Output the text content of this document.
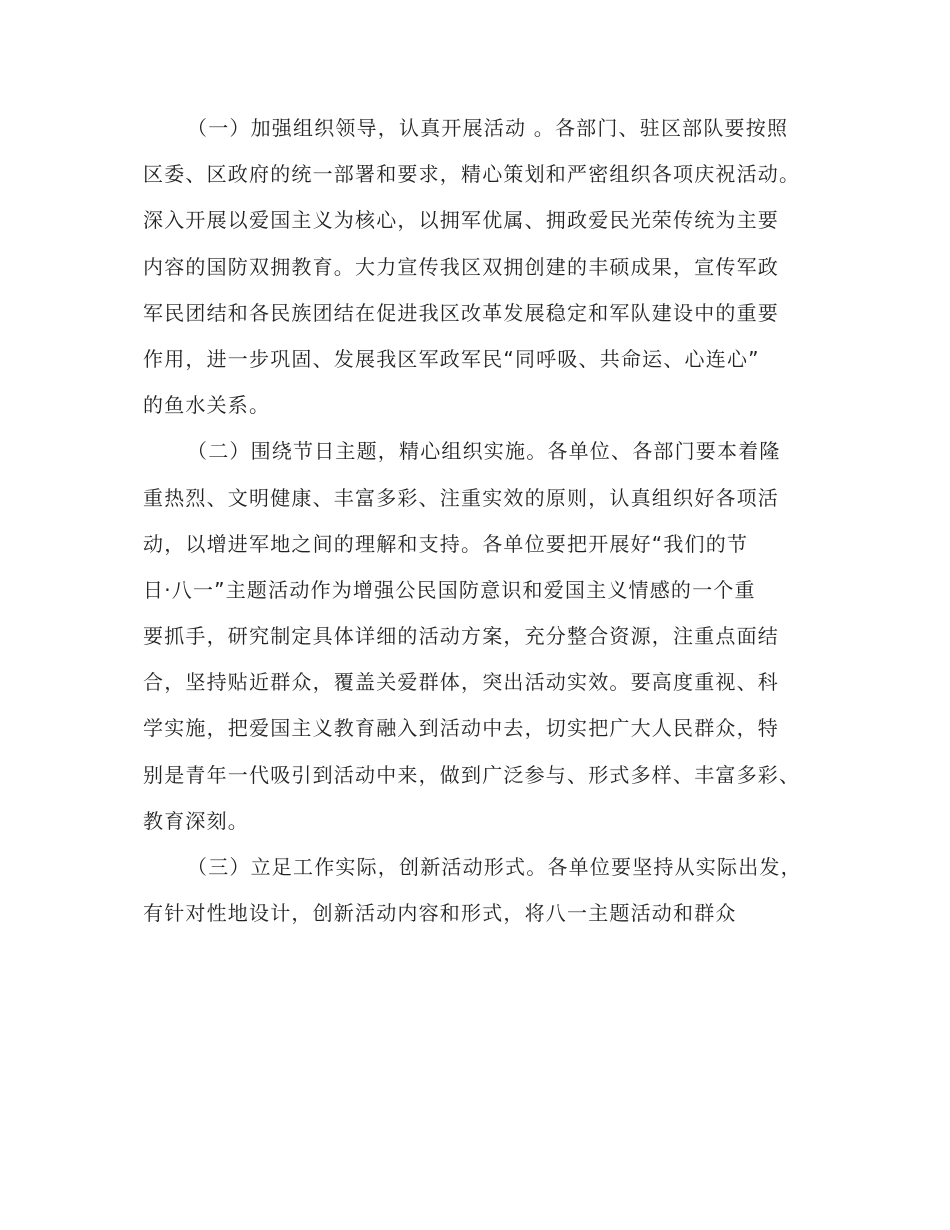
（一）加强组织领导，认真开展活动 。各部门、驻区部队要按照
区委、区政府的统一部署和要求，精心策划和严密组织各项庆祝活动。
深入开展以爱国主义为核心，以拥军优属、拥政爱民光荣传统为主要
内容的国防双拥教育。大力宣传我区双拥创建的丰硕成果，宣传军政
军民团结和各民族团结在促进我区改革发展稳定和军队建设中的重要
作用，进一步巩固、发展我区军政军民“同呼吸、共命运、心连心”
的鱼水关系。
（二）围绕节日主题，精心组织实施。各单位、各部门要本着隆
重热烈、文明健康、丰富多彩、注重实效的原则，认真组织好各项活
动，以增进军地之间的理解和支持。各单位要把开展好“我们的节
日·八一”主题活动作为增强公民国防意识和爱国主义情感的一个重
要抓手，研究制定具体详细的活动方案，充分整合资源，注重点面结
合，坚持贴近群众，覆盖关爱群体，突出活动实效。要高度重视、科
学实施，把爱国主义教育融入到活动中去，切实把广大人民群众，特
别是青年一代吸引到活动中来，做到广泛参与、形式多样、丰富多彩、
教育深刻。
（三）立足工作实际，创新活动形式。各单位要坚持从实际出发，
有针对性地设计，创新活动内容和形式，将八一主题活动和群众
